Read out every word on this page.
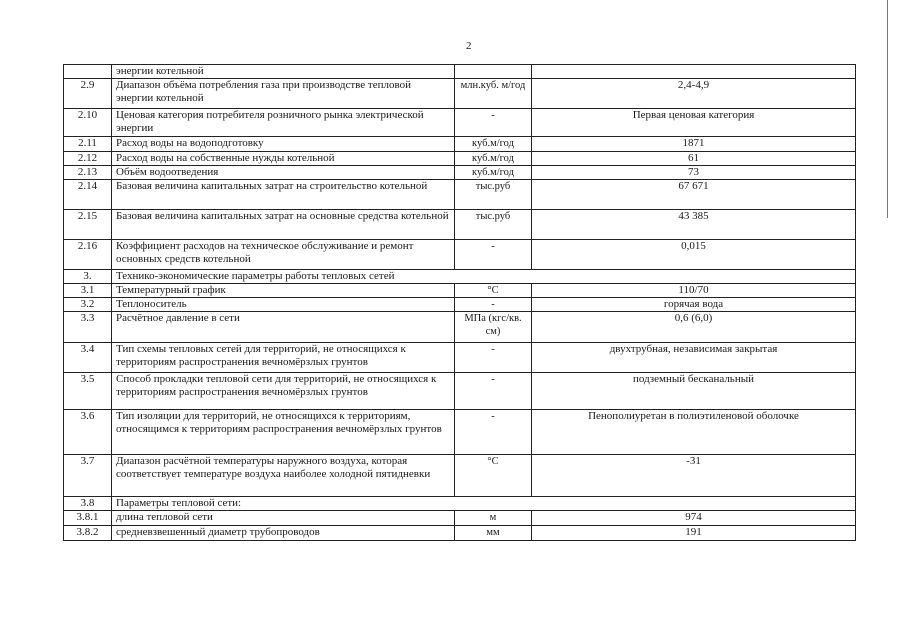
2
	энергии котельной		
2.9	Диапазон объёма потребления газа при производстве тепловой энергии котельной	млн.куб. м/год	2,4-4,9
2.10	Ценовая категория потребителя розничного рынка электрической энергии	-	Первая ценовая категория
2.11	Расход воды на водоподготовку	куб.м/год	1871
2.12	Расход воды на собственные нужды котельной	куб.м/год	61
2.13	Объём водоотведения	куб.м/год	73
2.14	Базовая величина капитальных затрат на строительство котельной	тыс.руб	67 671
2.15	Базовая величина капитальных затрат на основные средства котельной	тыс.руб	43 385
2.16	Коэффициент расходов на техническое обслуживание и ремонт основных средств котельной	-	0,015
3.	Технико-экономические параметры работы тепловых сетей		
3.1	Температурный график	°С	110/70
3.2	Теплоноситель	-	горячая вода
3.3	Расчётное давление в сети	МПа (кгс/кв. см)	0,6 (6,0)
3.4	Тип схемы тепловых сетей для территорий, не относящихся к территориям распространения вечномёрзлых грунтов	-	двухтрубная, независимая закрытая
3.5	Способ прокладки тепловой сети для территорий, не относящихся к территориям распространения вечномёрзлых грунтов	-	подземный бесканальный
3.6	Тип изоляции для территорий, не относящихся к территориям, относящимся к территориям распространения вечномёрзлых грунтов	-	Пенополиуретан в полиэтиленовой оболочке
3.7	Диапазон расчётной температуры наружного воздуха, которая соответствует температуре воздуха наиболее холодной пятидневки	°С	-31
3.8	Параметры тепловой сети:		
3.8.1	длина тепловой сети	м	974
3.8.2	средневзвешенный диаметр трубопроводов	мм	191
